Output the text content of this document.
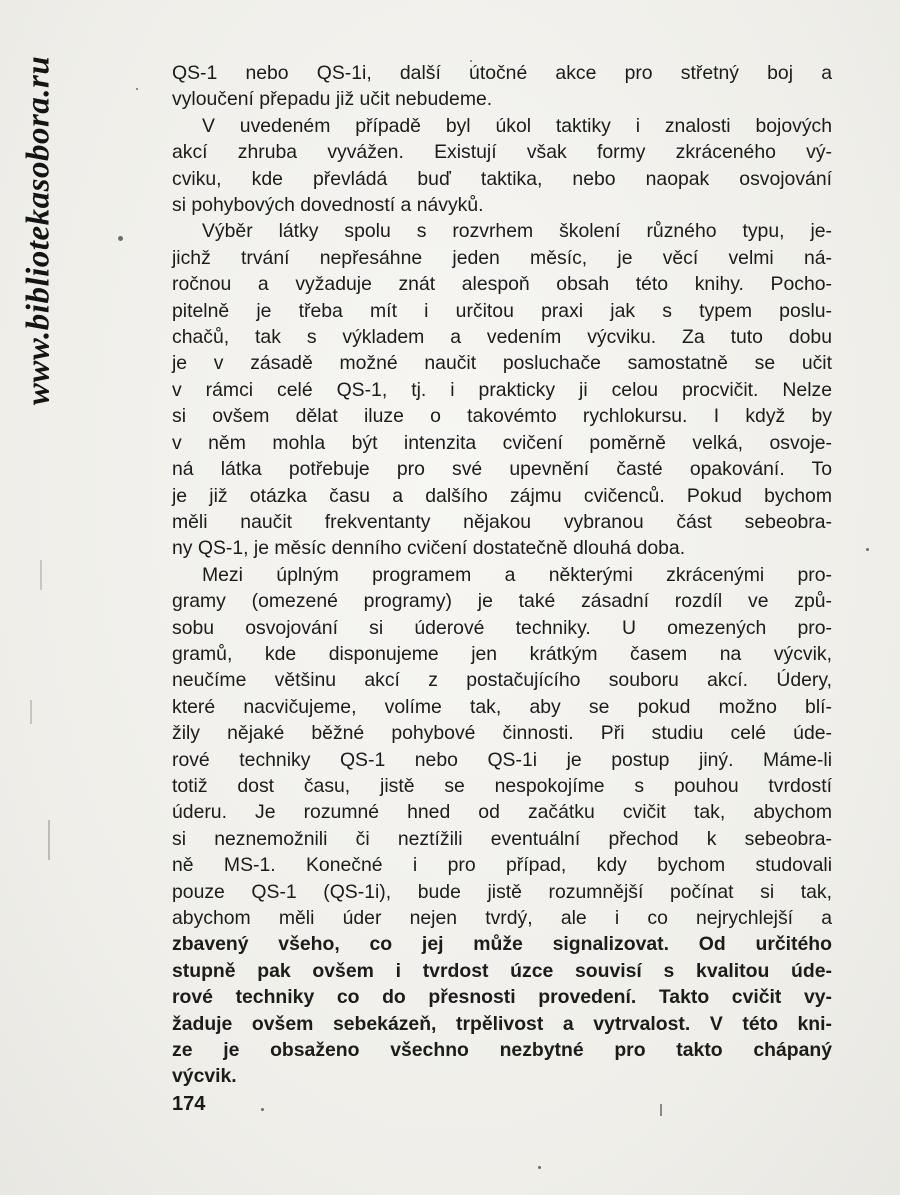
www.bibliotekasobora.ru	QS-1 nebo QS-1i, další útočné akce pro střetný boj a
vyloučení přepadu již učit nebudeme.

V uvedeném případě byl úkol taktiky i znalosti bojových
akcí zhruba vyvážen. Existují však formy zkráceného vý-
cviku, kde převládá buď taktika, nebo naopak osvojování
si pohybových dovedností a návyků.

Výběr látky spolu s rozvrhem školení různého typu, je-
jichž trvání nepřesáhne jeden měsíc, je věcí velmi ná-
ročnou a vyžaduje znát alespoň obsah této knihy. Pocho-
pitelně je třeba mít i určitou praxi jak s typem poslu-
chačů, tak s výkladem a vedením výcviku. Za tuto dobu
je v zásadě možné naučit posluchače samostatně se učit
v rámci celé QS-1, tj. i prakticky ji celou procvičit. Nelze
si ovšem dělat iluze o takovémto rychlokursu. I když by
v něm mohla být intenzita cvičení poměrně velká, osvoje-
ná látka potřebuje pro své upevnění časté opakování. To
je již otázka času a dalšího zájmu cvičenců. Pokud bychom
měli naučit frekventanty nějakou vybranou část sebeobra-
ny QS-1, je měsíc denního cvičení dostatečně dlouhá doba.

Mezi úplným programem a některými zkrácenými pro-
gramy (omezené programy) je také zásadní rozdíl ve způ-
sobu osvojování si úderové techniky. U omezených pro-
gramů, kde disponujeme jen krátkým časem na výcvik,
neučíme většinu akcí z postačujícího souboru akcí. Údery,
které nacvičujeme, volíme tak, aby se pokud možno blí-
žily nějaké běžné pohybové činnosti. Při studiu celé úde-
rové techniky QS-1 nebo QS-1i je postup jiný. Máme-li
totiž dost času, jistě se nespokojíme s pouhou tvrdostí
úderu. Je rozumné hned od začátku cvičit tak, abychom
si neznemožnili či neztížili eventuální přechod k sebeobra-
ně MS-1. Konečné i pro případ, kdy bychom studovali
pouze QS-1 (QS-1i), bude jistě rozumnější počínat si tak,
abychom měli úder nejen tvrdý, ale i co nejrychlejší a
zbavený všeho, co jej může signalizovat. Od určitého
stupně pak ovšem i tvrdost úzce souvisí s kvalitou úde-
rové techniky co do přesnosti provedení. Takto cvičit vy-
žaduje ovšem sebekázeň, trpělivost a vytrvalost. V této kni-
ze je obsaženo všechno nezbytné pro takto chápaný
výcvik.

174
